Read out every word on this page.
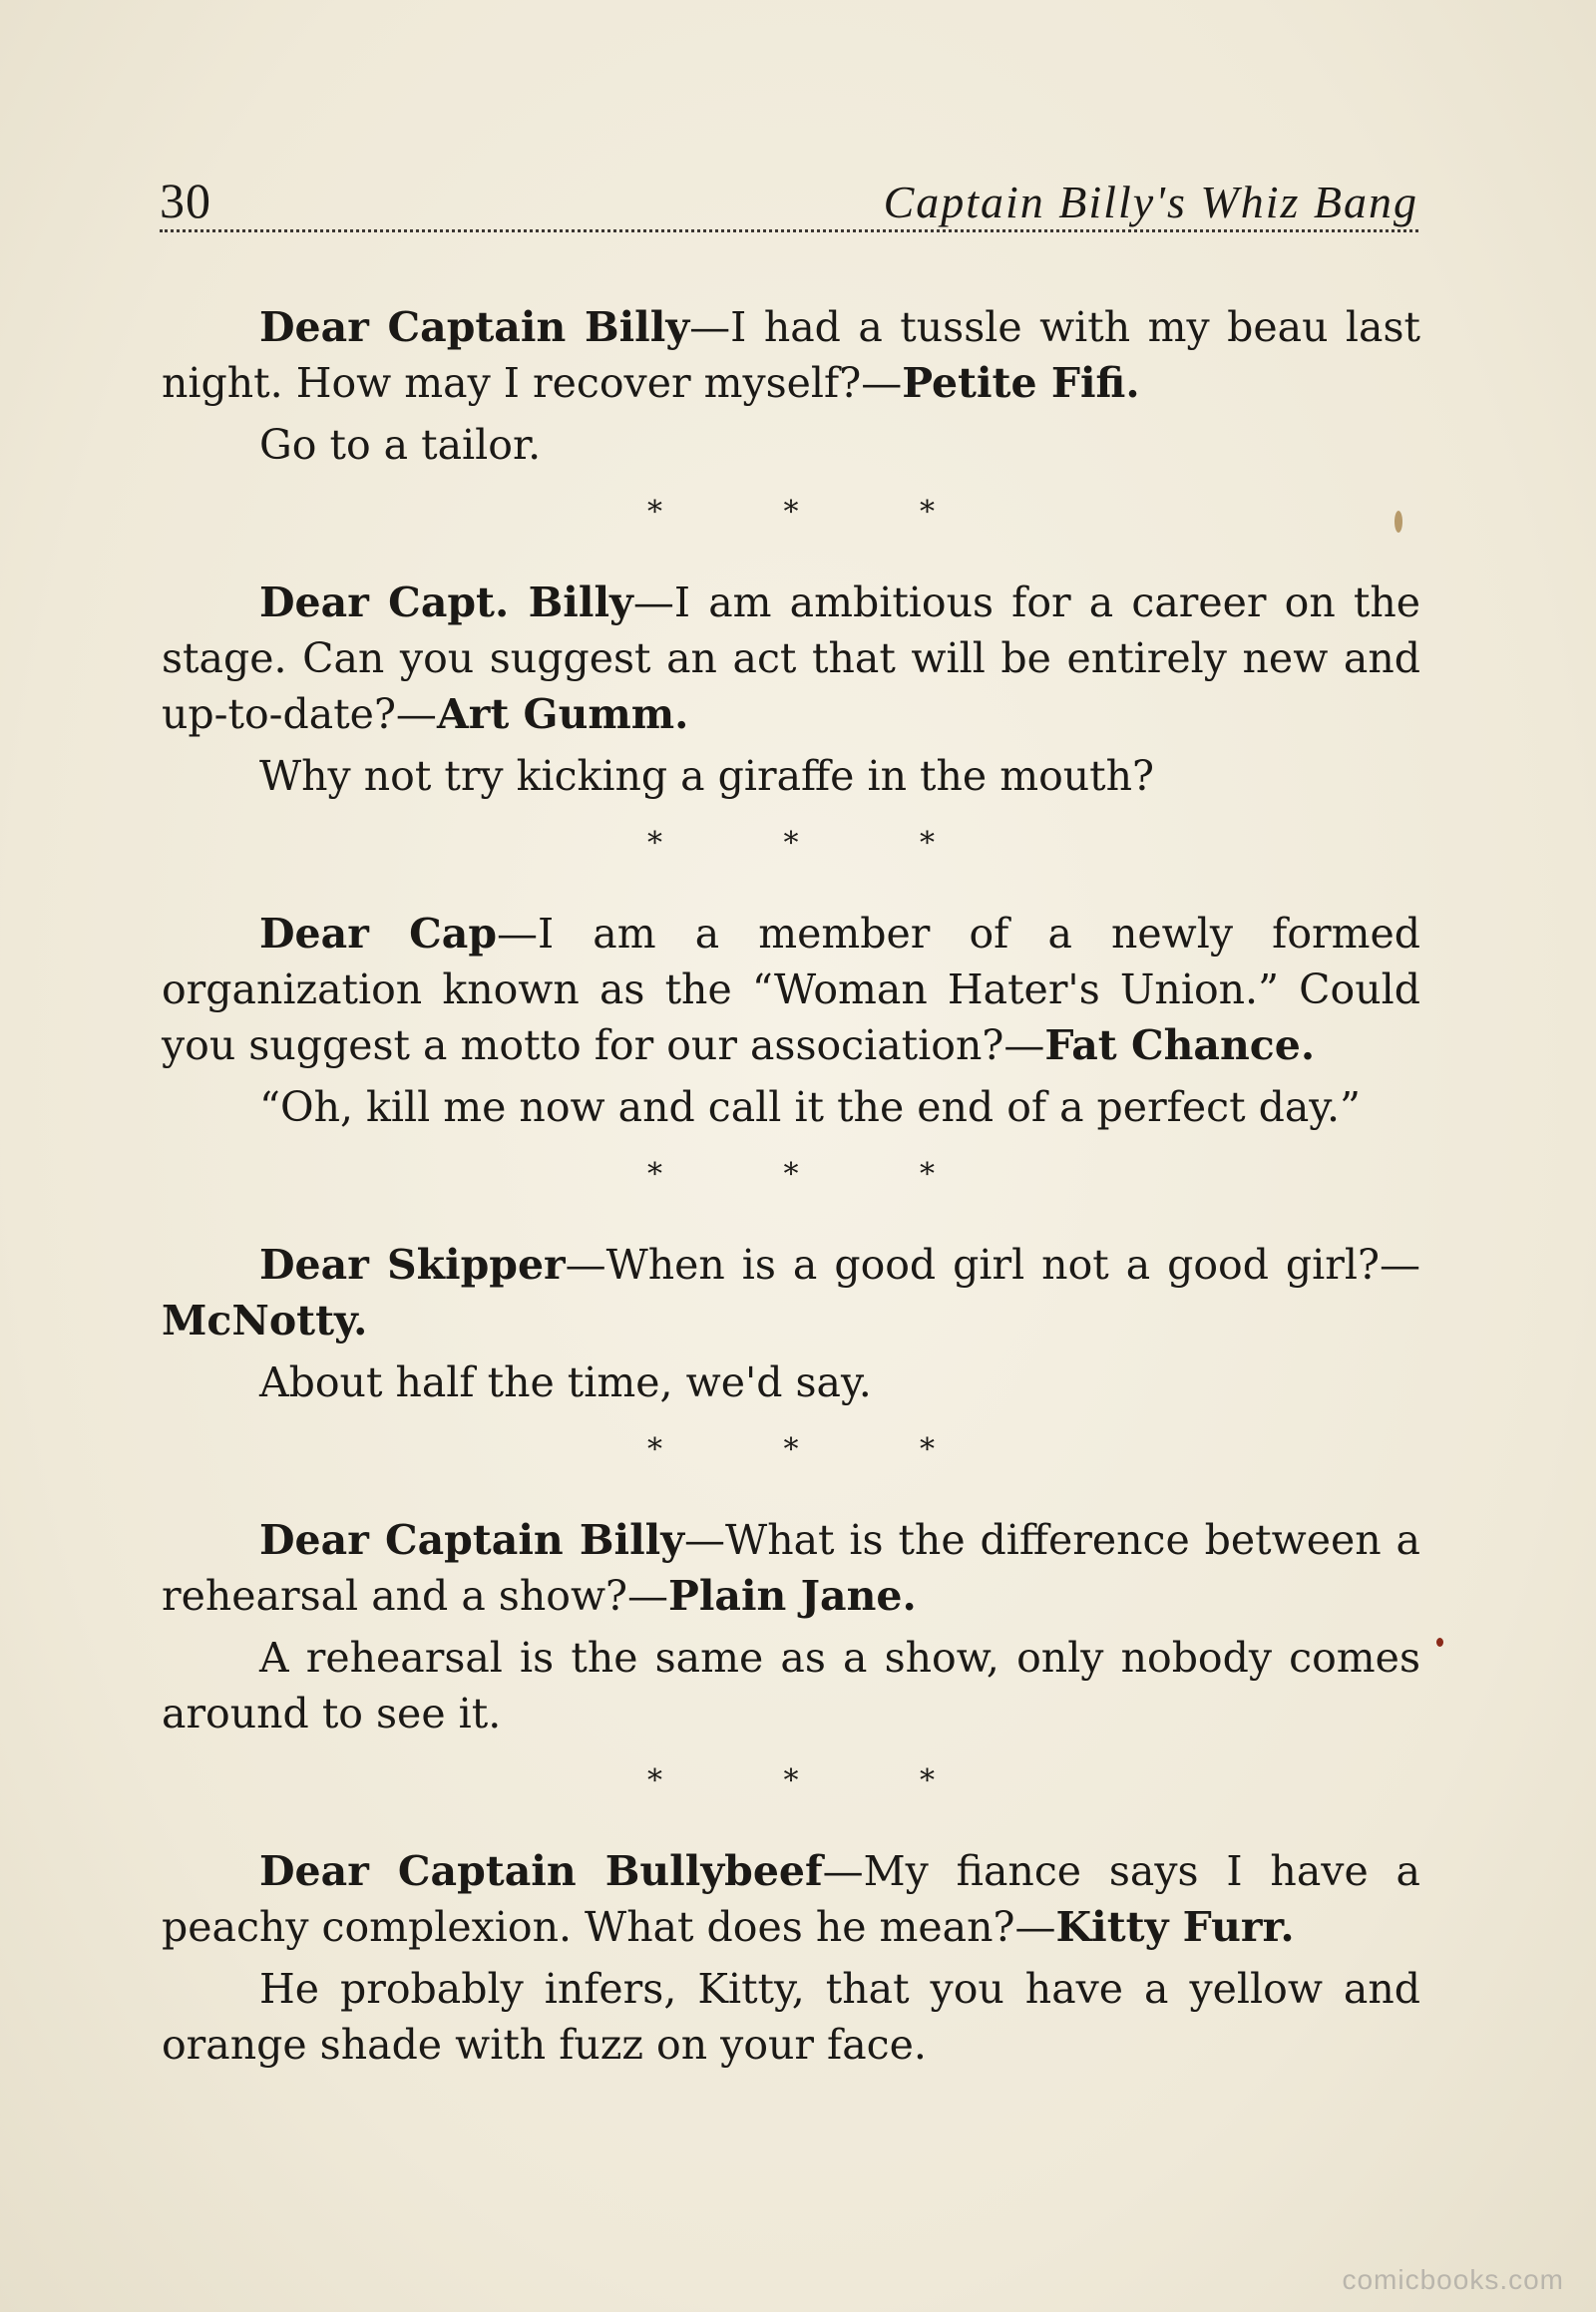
30	Captain Billy's Whiz Bang

Dear Captain Billy—I had a tussle with my beau last night. How may I recover myself?—Petite Fifi.

Go to a tailor.

* * *

Dear Capt. Billy—I am ambitious for a career on the stage. Can you suggest an act that will be entirely new and up-to-date?—Art Gumm.

Why not try kicking a giraffe in the mouth?

* * *

Dear Cap—I am a member of a newly formed organization known as the “Woman Hater's Union.” Could you suggest a motto for our association?—Fat Chance.

“Oh, kill me now and call it the end of a perfect day.”

* * *

Dear Skipper—When is a good girl not a good girl?—McNotty.

About half the time, we'd say.

* * *

Dear Captain Billy—What is the difference between a rehearsal and a show?—Plain Jane.

A rehearsal is the same as a show, only nobody comes around to see it.

* * *

Dear Captain Bullybeef—My fiance says I have a peachy complexion. What does he mean?—Kitty Furr.

He probably infers, Kitty, that you have a yellow and orange shade with fuzz on your face.

comicbooks.com
